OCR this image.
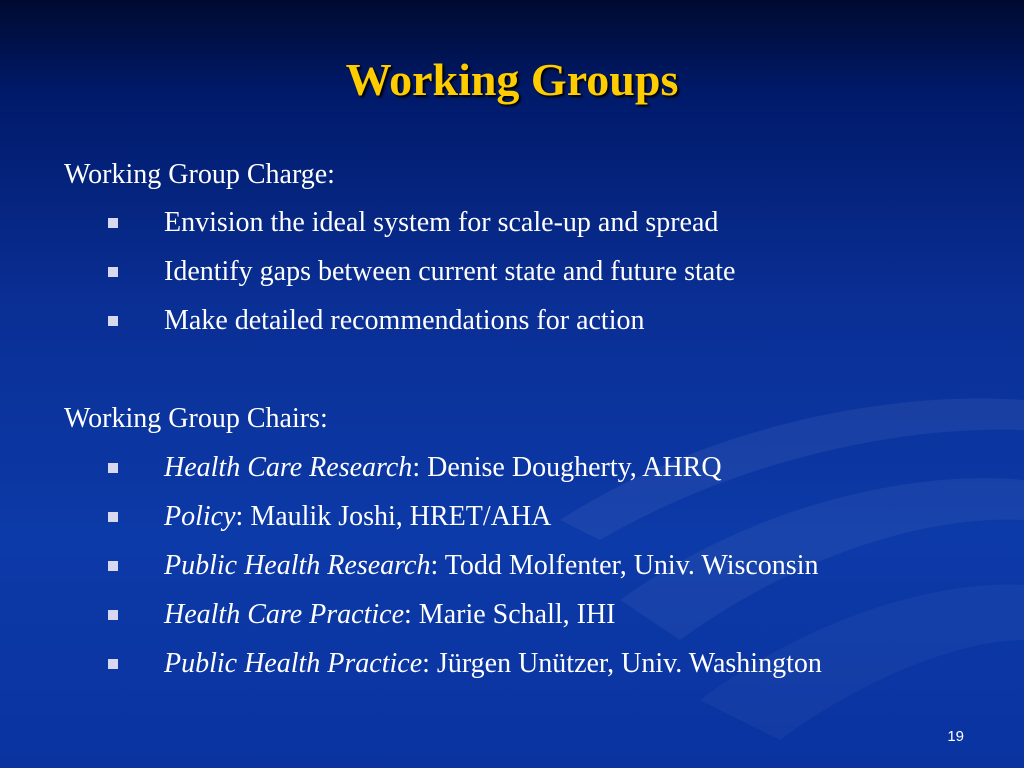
Working Groups
Working Group Charge:
Envision the ideal system for scale-up and spread
Identify gaps between current state and future state
Make detailed recommendations for action
Working Group Chairs:
Health Care Research: Denise Dougherty, AHRQ
Policy: Maulik Joshi, HRET/AHA
Public Health Research: Todd Molfenter, Univ. Wisconsin
Health Care Practice: Marie Schall, IHI
Public Health Practice: Jürgen Unützer, Univ. Washington
19
